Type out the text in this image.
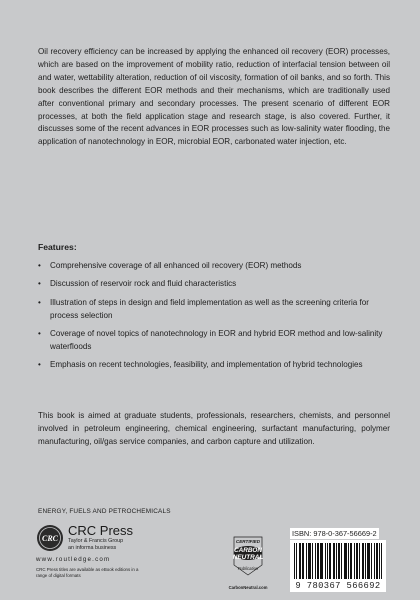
Oil recovery efficiency can be increased by applying the enhanced oil recovery (EOR) processes, which are based on the improvement of mobility ratio, reduction of interfacial tension between oil and water, wettability alteration, reduction of oil viscosity, formation of oil banks, and so forth. This book describes the different EOR methods and their mechanisms, which are traditionally used after conventional primary and secondary processes. The present scenario of different EOR processes, at both the field application stage and research stage, is also covered. Further, it discusses some of the recent advances in EOR processes such as low-salinity water flooding, the application of nanotechnology in EOR, microbial EOR, carbonated water injection, etc.

Features:

• Comprehensive coverage of all enhanced oil recovery (EOR) methods
• Discussion of reservoir rock and fluid characteristics
• Illustration of steps in design and field implementation as well as the screening criteria for process selection
• Coverage of novel topics of nanotechnology in EOR and hybrid EOR method and low-salinity waterfloods
• Emphasis on recent technologies, feasibility, and implementation of hybrid technologies

This book is aimed at graduate students, professionals, researchers, chemists, and personnel involved in petroleum engineering, chemical engineering, surfactant manufacturing, polymer manufacturing, oil/gas service companies, and carbon capture and utilization.

ENERGY, FUELS AND PETROCHEMICALS

CRC
CRC Press
Taylor & Francis Group
an informa business
www.routledge.com
CRC Press titles are available as eBook editions in a range of digital formats
CERTIFIED
CARBON
NEUTRAL
Publication
CarbonNeutral.com

ISBN: 978-0-367-56669-2

9 780367 566692
